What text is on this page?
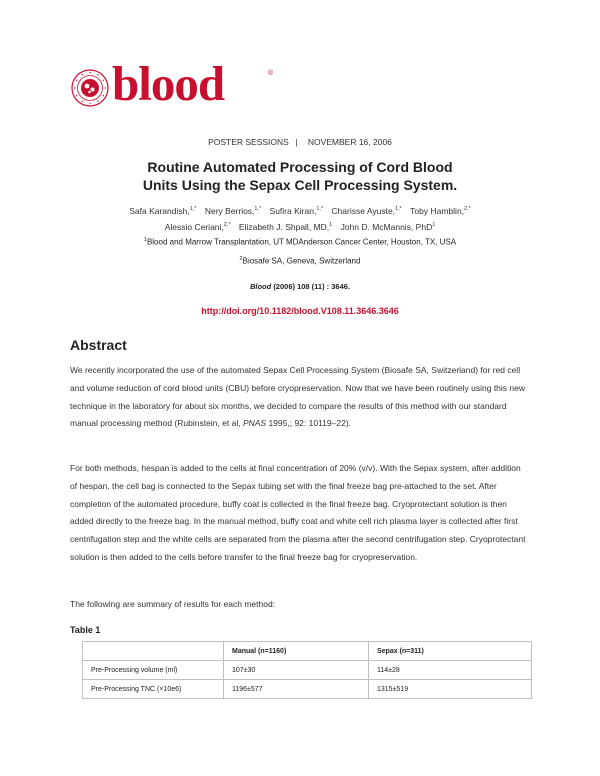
blood	®
POSTER SESSIONS | NOVEMBER 16, 2006
Routine Automated Processing of Cord Blood
Units Using the Sepax Cell Processing System.
Safa Karandish,$^{1,*}$ Nery Berrios,$^{1,*}$ Sufira Kiran,$^{1,*}$ Charisse Ayuste,$^{1,*}$ Toby Hamblin,$^{2,*}$
Alessio Ceriani,$^{2,*}$ Elizabeth J. Shpall, MD,$^1$ John D. McMannis, PhD$^1$
$^1$Blood and Marrow Transplantation, UT MDAnderson Cancer Center, Houston, TX, USA
$^2$Biosafe SA, Geneva, Switzerland
Blood (2006) 108 (11) : 3646.
http://doi.org/10.1182/blood.V108.11.3646.3646
Abstract
We recently incorporated the use of the automated Sepax Cell Processing System (Biosafe SA, Switzerland) for red cell and volume reduction of cord blood units (CBU) before cryopreservation. Now that we have been routinely using this new technique in the laboratory for about six months, we decided to compare the results of this method with our standard manual processing method (Rubinstein, et al, PNAS 1995,; 92: 10119–22).
For both methods, hespan is added to the cells at final concentration of 20% (v/v). With the Sepax system, after addition of hespan, the cell bag is connected to the Sepax tubing set with the final freeze bag pre-attached to the set. After completion of the automated procedure, buffy coat is collected in the final freeze bag. Cryoprotectant solution is then added directly to the freeze bag. In the manual method, buffy coat and white cell rich plasma layer is collected after first centrifugation step and the white cells are separated from the plasma after the second centrifugation step. Cryoprotectant solution is then added to the cells before transfer to the final freeze bag for cryopreservation.
The following are summary of results for each method:
Table 1
	Manual (n=1160)	Sepax (n=311)
Pre-Processing volume (ml)	107±30	114±28
Pre-Processing TNC (×10e6)	1196±577	1315±519
